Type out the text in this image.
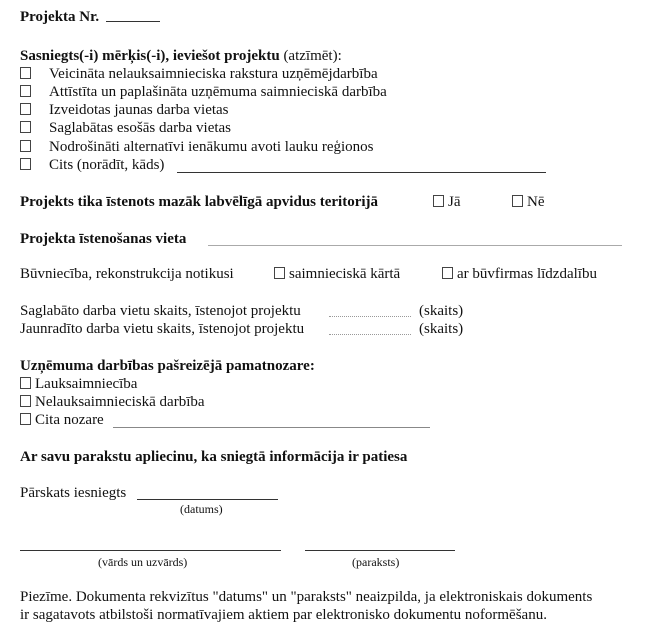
Projekta Nr.
Sasniegts(-i) mērķis(-i), ieviešot projektu (atzīmēt):
Veicināta nelauksaimnieciska rakstura uzņēmējdarbība
Attīstīta un paplašināta uzņēmuma saimnieciskā darbība
Izveidotas jaunas darba vietas
Saglabātas esošās darba vietas
Nodrošināti alternatīvi ienākumu avoti lauku reģionos
Cits (norādīt, kāds)
Projekts tika īstenots mazāk labvēlīgā apvidus teritorijā	Jā	Nē
Projekta īstenošanas vieta
Būvniecība, rekonstrukcija notikusi	saimnieciskā kārtā	ar būvfirmas līdzdalību
Saglabāto darba vietu skaits, īstenojot projektu	(skaits)
Jaunradīto darba vietu skaits, īstenojot projektu	(skaits)
Uzņēmuma darbības pašreizējā pamatnozare:
Lauksaimniecība
Nelauksaimnieciskā darbība
Cita nozare
Ar savu parakstu apliecinu, ka sniegtā informācija ir patiesa
Pārskats iesniegts
(datums)
(vārds un uzvārds)	(paraksts)
Piezīme. Dokumenta rekvizītus "datums" un "paraksts" neaizpilda, ja elektroniskais dokuments
ir sagatavots atbilstoši normatīvajiem aktiem par elektronisko dokumentu noformēšanu.
